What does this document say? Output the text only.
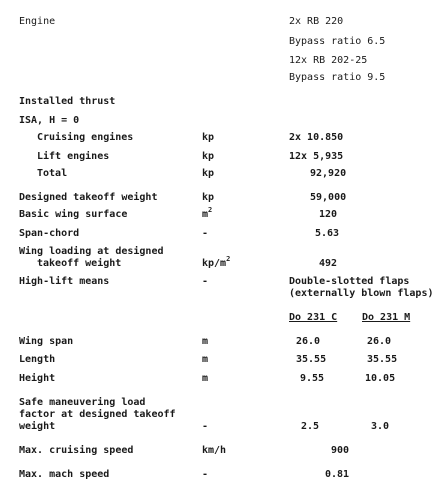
Engine	2x RB 220
Bypass ratio 6.5
12x RB 202-25
Bypass ratio 9.5
Installed thrust
ISA, H = 0
Cruising engines	kp	2x 10.850
Lift engines	kp	12x 5,935
Total	kp	92,920
Designed takeoff weight	kp	59,000
Basic wing surface	$m^2$	120
Span-chord	-	5.63
Wing loading at designed
takeoff weight	$kp/m^2$	492
High-lift means	-	Double-slotted flaps
(externally blown flaps)
Do 231 C Do 231 M
Wing span	m	26.0	26.0
Length	m	35.55	35.55
Height	m	9.55	10.05
Safe maneuvering load
factor at designed takeoff
weight	-	2.5	3.0
Max. cruising speed	km/h	900
Max. mach speed	-	0.81
